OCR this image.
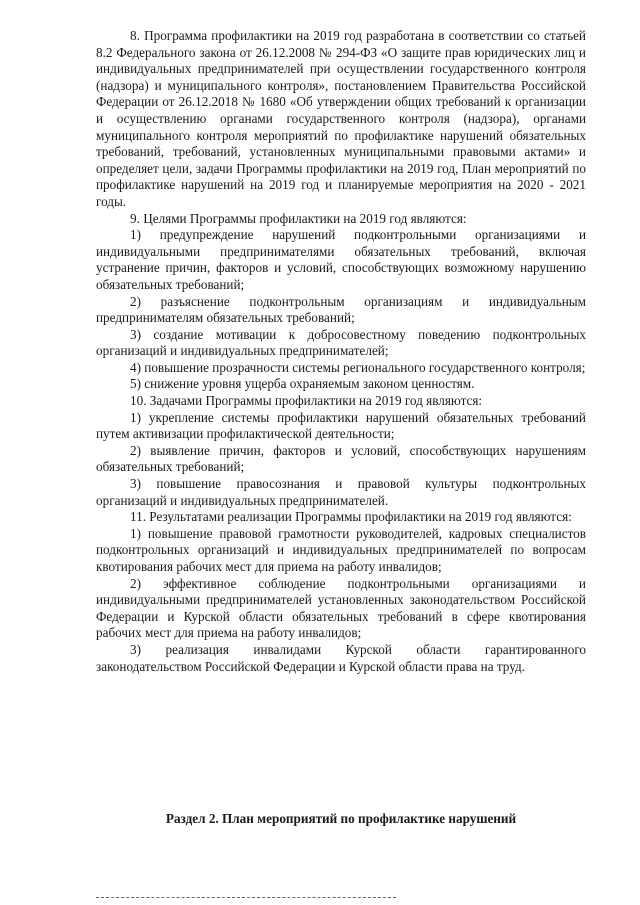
8. Программа профилактики на 2019 год разработана в соответствии со статьей 8.2 Федерального закона от 26.12.2008 № 294-ФЗ «О защите прав юридических лиц и индивидуальных предпринимателей при осуществлении государственного контроля (надзора) и муниципального контроля», постановлением Правительства Российской Федерации от 26.12.2018 № 1680 «Об утверждении общих требований к организации и осуществлению органами государственного контроля (надзора), органами муниципального контроля мероприятий по профилактике нарушений обязательных требований, требований, установленных муниципальными правовыми актами» и определяет цели, задачи Программы профилактики на 2019 год, План мероприятий по профилактике нарушений на 2019 год и планируемые мероприятия на 2020 - 2021 годы.

9. Целями Программы профилактики на 2019 год являются:

1) предупреждение нарушений подконтрольными организациями и индивидуальными предпринимателями обязательных требований, включая устранение причин, факторов и условий, способствующих возможному нарушению обязательных требований;

2) разъяснение подконтрольным организациям и индивидуальным предпринимателям обязательных требований;

3) создание мотивации к добросовестному поведению подконтрольных организаций и индивидуальных предпринимателей;

4) повышение прозрачности системы регионального государственного контроля;

5) снижение уровня ущерба охраняемым законом ценностям.

10. Задачами Программы профилактики на 2019 год являются:

1) укрепление системы профилактики нарушений обязательных требований путем активизации профилактической деятельности;

2) выявление причин, факторов и условий, способствующих нарушениям обязательных требований;

3) повышение правосознания и правовой культуры подконтрольных организаций и индивидуальных предпринимателей.

11. Результатами реализации Программы профилактики на 2019 год являются:

1) повышение правовой грамотности руководителей, кадровых специалистов подконтрольных организаций и индивидуальных предпринимателей по вопросам квотирования рабочих мест для приема на работу инвалидов;

2) эффективное соблюдение подконтрольными организациями и индивидуальными предпринимателей установленных законодательством Российской Федерации и Курской области обязательных требований в сфере квотирования рабочих мест для приема на работу инвалидов;

3) реализация инвалидами Курской области гарантированного законодательством Российской Федерации и Курской области права на труд.

Раздел 2. План мероприятий по профилактике нарушений
